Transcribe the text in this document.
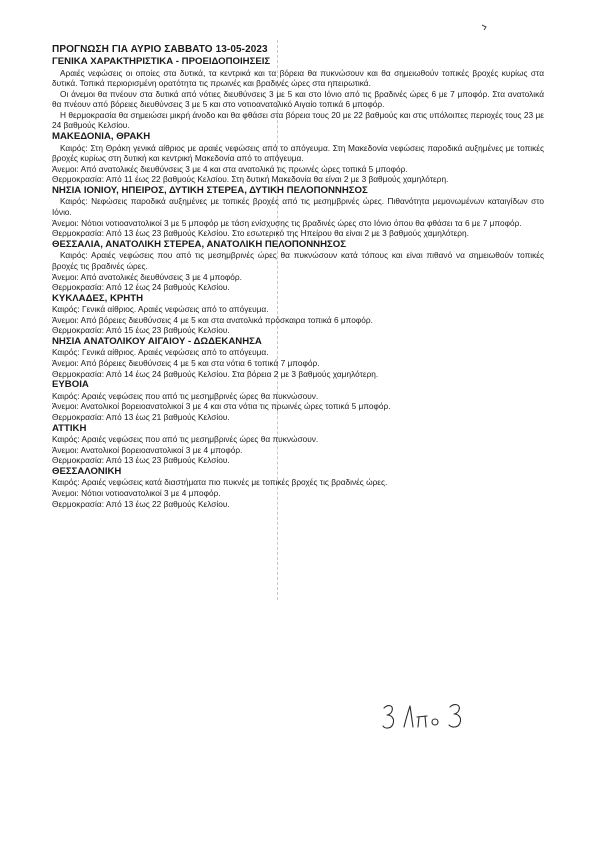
ΠΡΟΓΝΩΣΗ ΓΙΑ ΑΥΡΙΟ ΣΑΒΒΑΤΟ 13-05-2023
ΓΕΝΙΚΑ ΧΑΡΑΚΤΗΡΙΣΤΙΚΑ - ΠΡΟΕΙΔΟΠΟΙΗΣΕΙΣ
Αραιές νεφώσεις οι οποίες στα δυτικά, τα κεντρικά και τα βόρεια θα πυκνώσουν και θα σημειωθούν τοπικές βροχές κυρίως στα δυτικά. Τοπικά περιορισμένη ορατότητα τις πρωινές και βραδινές ώρες στα ηπειρωτικά.
Οι άνεμοι θα πνέουν στα δυτικά από νότιες διευθύνσεις 3 με 5 και στο Ιόνιο από τις βραδινές ώρες 6 με 7 μποφόρ. Στα ανατολικά θα πνέουν από βόρειες διευθύνσεις 3 με 5 και στο νοτιοανατολικό Αιγαίο τοπικά 6 μποφόρ.
Η θερμοκρασία θα σημειώσει μικρή άνοδο και θα φθάσει στα βόρεια τους 20 με 22 βαθμούς και στις υπόλοιπες περιοχές τους 23 με 24 βαθμούς Κελσίου.
ΜΑΚΕΔΟΝΙΑ, ΘΡΑΚΗ
Καιρός: Στη Θράκη γενικά αίθριος με αραιές νεφώσεις από το απόγευμα. Στη Μακεδονία νεφώσεις παροδικά αυξημένες με τοπικές βροχές κυρίως στη δυτική και κεντρική Μακεδονία από το απόγευμα.
Άνεμοι: Από ανατολικές διευθύνσεις 3 με 4 και στα ανατολικά τις πρωινές ώρες τοπικά 5 μποφόρ.
Θερμοκρασία: Από 11 έως 22 βαθμούς Κελσίου. Στη δυτική Μακεδονία θα είναι 2 με 3 βαθμούς χαμηλότερη.
ΝΗΣΙΑ ΙΟΝΙΟΥ, ΗΠΕΙΡΟΣ, ΔΥΤΙΚΗ ΣΤΕΡΕΑ, ΔΥΤΙΚΗ ΠΕΛΟΠΟΝΝΗΣΟΣ
Καιρός: Νεφώσεις παροδικά αυξημένες με τοπικές βροχές από τις μεσημβρινές ώρες. Πιθανότητα μεμονωμένων καταιγίδων στο Ιόνιο.
Άνεμοι: Νότιοι νοτιοανατολικοί 3 με 5 μποφόρ με τάση ενίσχυσης τις βραδινές ώρες στο Ιόνιο όπου θα φθάσει τα 6 με 7 μποφόρ.
Θερμοκρασία: Από 13 έως 23 βαθμούς Κελσίου. Στο εσωτερικό της Ηπείρου θα είναι 2 με 3 βαθμούς χαμηλότερη.
ΘΕΣΣΑΛΙΑ, ΑΝΑΤΟΛΙΚΗ ΣΤΕΡΕΑ, ΑΝΑΤΟΛΙΚΗ ΠΕΛΟΠΟΝΝΗΣΟΣ
Καιρός: Αραιές νεφώσεις που από τις μεσημβρινές ώρες θα πυκνώσουν κατά τόπους και είναι πιθανό να σημειωθούν τοπικές βροχές τις βραδινές ώρες.
Άνεμοι: Από ανατολικές διευθύνσεις 3 με 4 μποφόρ.
Θερμοκρασία: Από 12 έως 24 βαθμούς Κελσίου.
ΚΥΚΛΑΔΕΣ, ΚΡΗΤΗ
Καιρός: Γενικά αίθριος. Αραιές νεφώσεις από το απόγευμα.
Άνεμοι: Από βόρειες διευθύνσεις 4 με 5 και στα ανατολικά πρόσκαιρα τοπικά 6 μποφόρ.
Θερμοκρασία: Από 15 έως 23 βαθμούς Κελσίου.
ΝΗΣΙΑ ΑΝΑΤΟΛΙΚΟΥ ΑΙΓΑΙΟΥ - ΔΩΔΕΚΑΝΗΣΑ
Καιρός: Γενικά αίθριος. Αραιές νεφώσεις από το απόγευμα.
Άνεμοι: Από βόρειες διευθύνσεις 4 με 5 και στα νότια 6 τοπικά 7 μποφόρ.
Θερμοκρασία: Από 14 έως 24 βαθμούς Κελσίου. Στα βόρεια 2 με 3 βαθμούς χαμηλότερη.
ΕΥΒΟΙΑ
Καιρός: Αραιές νεφώσεις που από τις μεσημβρινές ώρες θα πυκνώσουν.
Άνεμοι: Ανατολικοί βορειοανατολικοί 3 με 4 και στα νότια τις πρωινές ώρες τοπικά 5 μποφόρ.
Θερμοκρασία: Από 13 έως 21 βαθμούς Κελσίου.
ΑΤΤΙΚΗ
Καιρός: Αραιές νεφώσεις που από τις μεσημβρινές ώρες θα πυκνώσουν.
Άνεμοι: Ανατολικοί βορειοανατολικοί 3 με 4 μποφόρ.
Θερμοκρασία: Από 13 έως 23 βαθμούς Κελσίου.
ΘΕΣΣΑΛΟΝΙΚΗ
Καιρός: Αραιές νεφώσεις κατά διαστήματα πιο πυκνές με τοπικές βροχές τις βραδινές ώρες.
Άνεμοι: Νότιοι νοτιοανατολικοί 3 με 4 μποφόρ.
Θερμοκρασία: Από 13 έως 22 βαθμούς Κελσίου.
